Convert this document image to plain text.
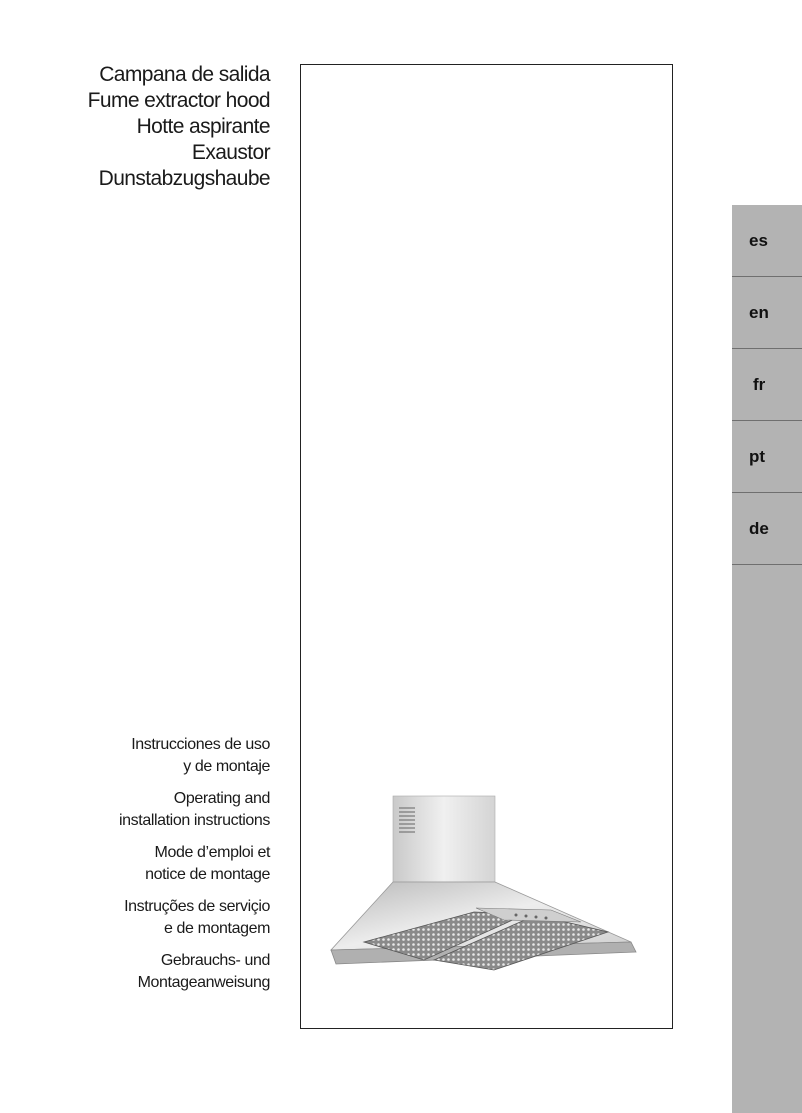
Campana de salida
Fume extractor hood
Hotte aspirante
Exaustor
Dunstabzugshaube
Instrucciones de uso
y de montaje
Operating and
installation instructions
Mode d’emploi et
notice de montage
Instruções de serviçio
e de montagem
Gebrauchs- und
Montageanweisung
es
en
fr
pt
de
